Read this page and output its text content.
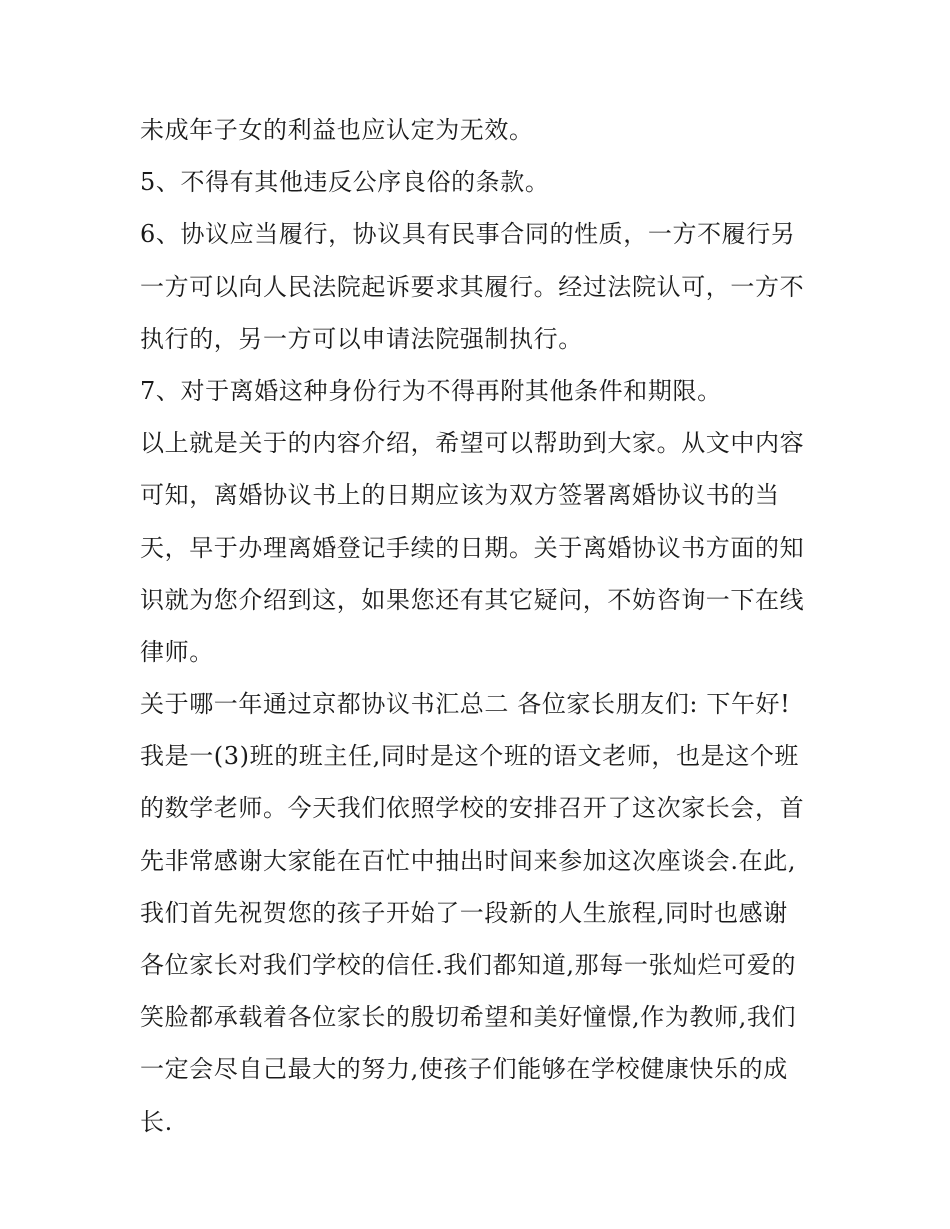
未成年子女的利益也应认定为无效。
5、不得有其他违反公序良俗的条款。
6、协议应当履行，协议具有民事合同的性质，一方不履行另
一方可以向人民法院起诉要求其履行。经过法院认可，一方不
执行的，另一方可以申请法院强制执行。
7、对于离婚这种身份行为不得再附其他条件和期限。
以上就是关于的内容介绍，希望可以帮助到大家。从文中内容
可知，离婚协议书上的日期应该为双方签署离婚协议书的当
天，早于办理离婚登记手续的日期。关于离婚协议书方面的知
识就为您介绍到这，如果您还有其它疑问，不妨咨询一下在线
律师。
关于哪一年通过京都协议书汇总二 各位家长朋友们: 下午好!
我是一(3)班的班主任,同时是这个班的语文老师，也是这个班
的数学老师。今天我们依照学校的安排召开了这次家长会，首
先非常感谢大家能在百忙中抽出时间来参加这次座谈会.在此,
我们首先祝贺您的孩子开始了一段新的人生旅程,同时也感谢
各位家长对我们学校的信任.我们都知道,那每一张灿烂可爱的
笑脸都承载着各位家长的殷切希望和美好憧憬,作为教师,我们
一定会尽自己最大的努力,使孩子们能够在学校健康快乐的成
长.
